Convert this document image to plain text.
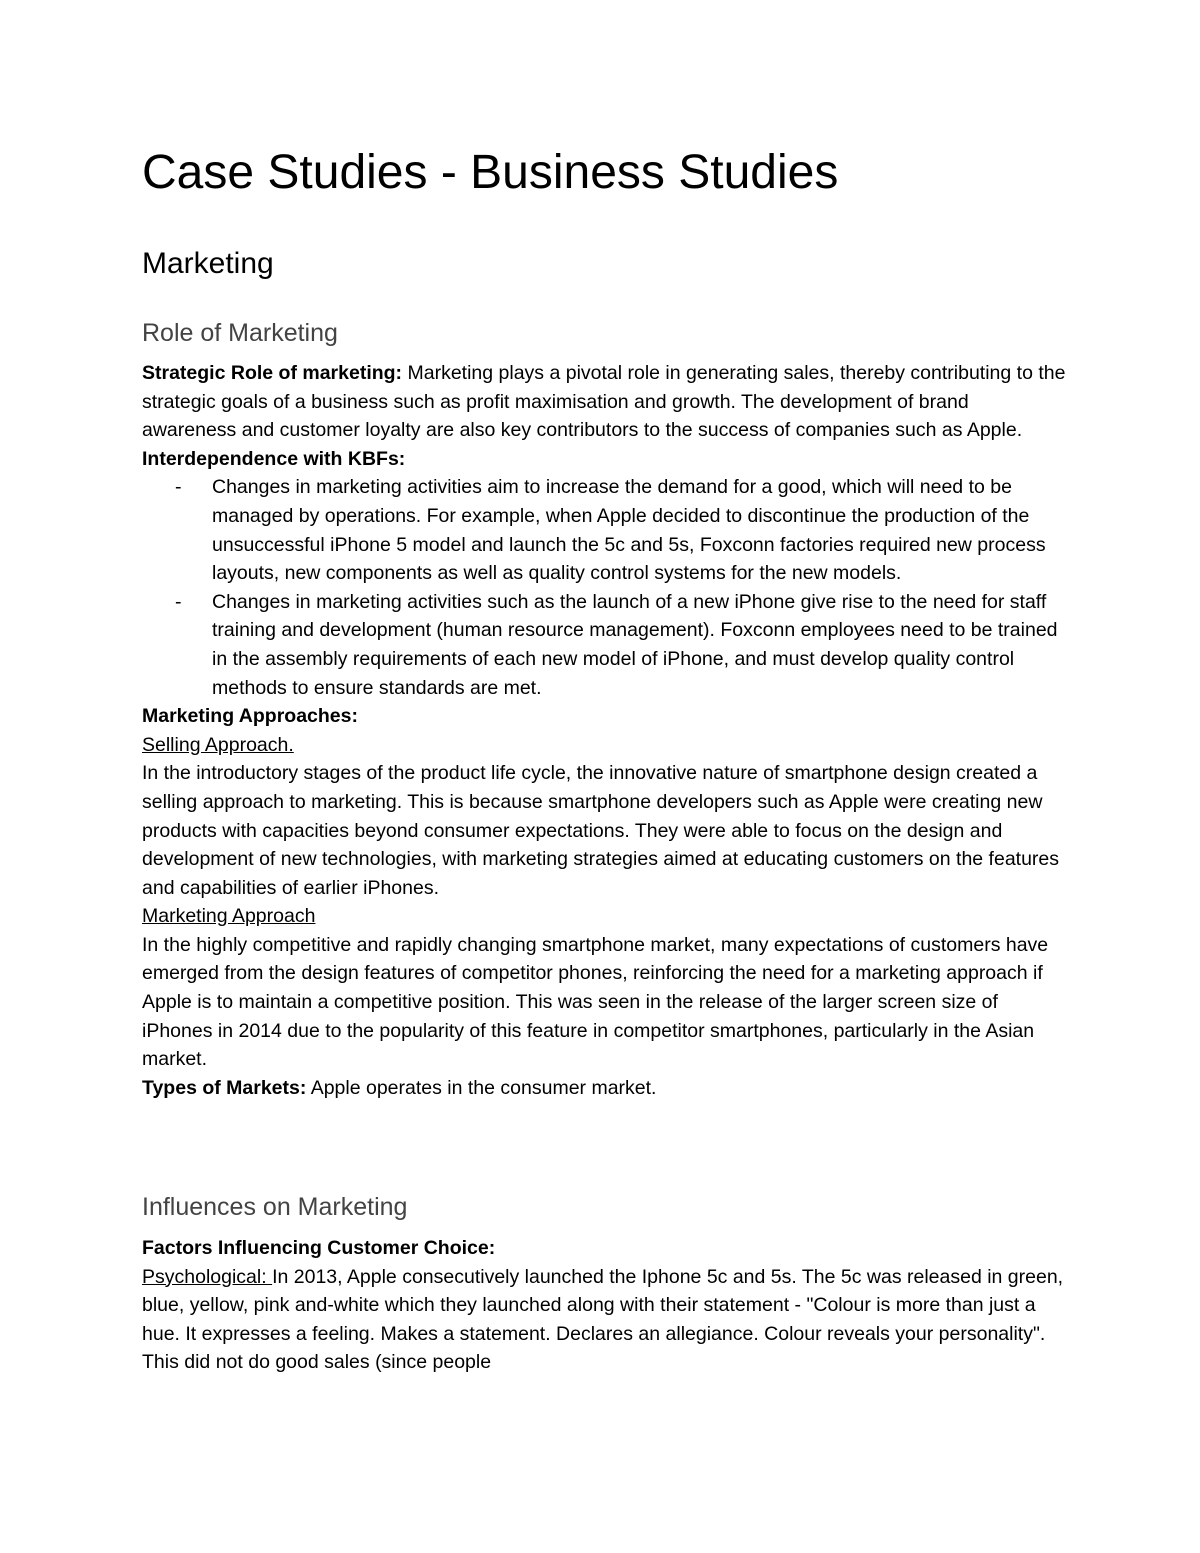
Case Studies - Business Studies
Marketing
Role of Marketing

Strategic Role of marketing: Marketing plays a pivotal role in generating sales, thereby contributing to the strategic goals of a business such as profit maximisation and growth. The development of brand awareness and customer loyalty are also key contributors to the success of companies such as Apple.

Interdependence with KBFs:

- Changes in marketing activities aim to increase the demand for a good, which will need to be managed by operations. For example, when Apple decided to discontinue the production of the unsuccessful iPhone 5 model and launch the 5c and 5s, Foxconn factories required new process layouts, new components as well as quality control systems for the new models.
- Changes in marketing activities such as the launch of a new iPhone give rise to the need for staff training and development (human resource management). Foxconn employees need to be trained in the assembly requirements of each new model of iPhone, and must develop quality control methods to ensure standards are met.

Marketing Approaches:

Selling Approach.

In the introductory stages of the product life cycle, the innovative nature of smartphone design created a selling approach to marketing. This is because smartphone developers such as Apple were creating new products with capacities beyond consumer expectations. They were able to focus on the design and development of new technologies, with marketing strategies aimed at educating customers on the features and capabilities of earlier iPhones.

Marketing Approach

In the highly competitive and rapidly changing smartphone market, many expectations of customers have emerged from the design features of competitor phones, reinforcing the need for a marketing approach if Apple is to maintain a competitive position. This was seen in the release of the larger screen size of iPhones in 2014 due to the popularity of this feature in competitor smartphones, particularly in the Asian market.

Types of Markets: Apple operates in the consumer market.

Influences on Marketing

Factors Influencing Customer Choice:

Psychological: In 2013, Apple consecutively launched the Iphone 5c and 5s. The 5c was released in green, blue, yellow, pink and-white which they launched along with their statement - "Colour is more than just a hue. It expresses a feeling. Makes a statement. Declares an allegiance. Colour reveals your personality". This did not do good sales (since people
